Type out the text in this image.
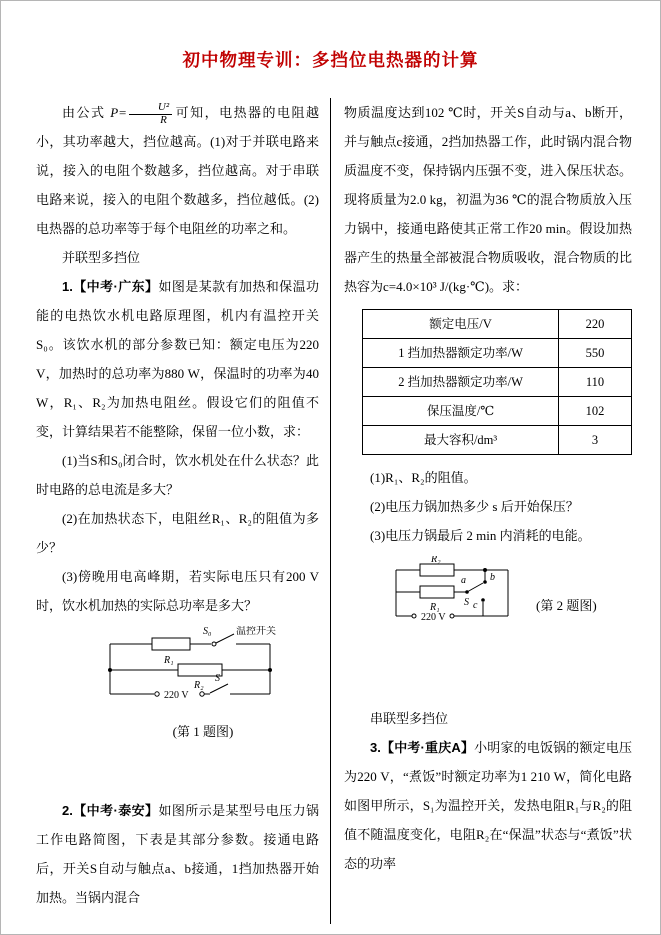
初中物理专训：多挡位电热器的计算

由公式 $P= \frac{\text{U²}}{R}$ 可知，电热器的电阻越小，其功率越大，挡位越高。(1)对于并联电路来说，接入的电阻个数越多，挡位越高。对于串联电路来说，接入的电阻个数越多，挡位越低。(2)电热器的总功率等于每个电阻丝的功率之和。

并联型多挡位

1.【中考·广东】如图是某款有加热和保温功能的电热饮水机电路原理图，机内有温控开关S₀。该饮水机的部分参数已知：额定电压为220 V，加热时的总功率为880 W，保温时的功率为40 W，R₁、R₂为加热电阻丝。假设它们的阻值不变，计算结果若不能整除，保留一位小数，求：

(1)当S和S₀闭合时，饮水机处在什么状态？此时电路的总电流是多大？

(2)在加热状态下，电阻丝R₁、R₂的阻值为多少？

(3)傍晚用电高峰期，若实际电压只有200 V时，饮水机加热的实际总功率是多大？

S₀ 温控开关
R₁
R₂
220 V
S
(第 1 题图)

2.【中考·泰安】如图所示是某型号电压力锅工作电路简图，下表是其部分参数。接通电路后，开关S自动与触点a、b接通，1挡加热器开始加热。当锅内混合

物质温度达到102 ℃时，开关S自动与a、b断开，并与触点c接通，2挡加热器工作，此时锅内混合物质温度不变，保持锅内压强不变，进入保压状态。现将质量为2.0 kg，初温为36 ℃的混合物质放入压力锅中，接通电路使其正常工作20 min。假设加热器产生的热量全部被混合物质吸收，混合物质的比热容为c=4.0×10³ J/(kg·℃)。求：

额定电压/V	220
1 挡加热器额定功率/W	550
2 挡加热器额定功率/W	110
保压温度/℃	102
最大容积/dm³	3

(1)R₁、R₂的阻值。

(2)电压力锅加热多少 s 后开始保压？

(3)电压力锅最后 2 min 内消耗的电能。

R₂
R₁
a b
c
S
220 V
(第 2 题图)

串联型多挡位

3.【中考·重庆A】小明家的电饭锅的额定电压为220 V，“煮饭”时额定功率为1 210 W，简化电路如图甲所示，S₁为温控开关，发热电阻R₁与R₂的阻值不随温度变化，电阻R₂在“保温”状态与“煮饭”状态的功率
